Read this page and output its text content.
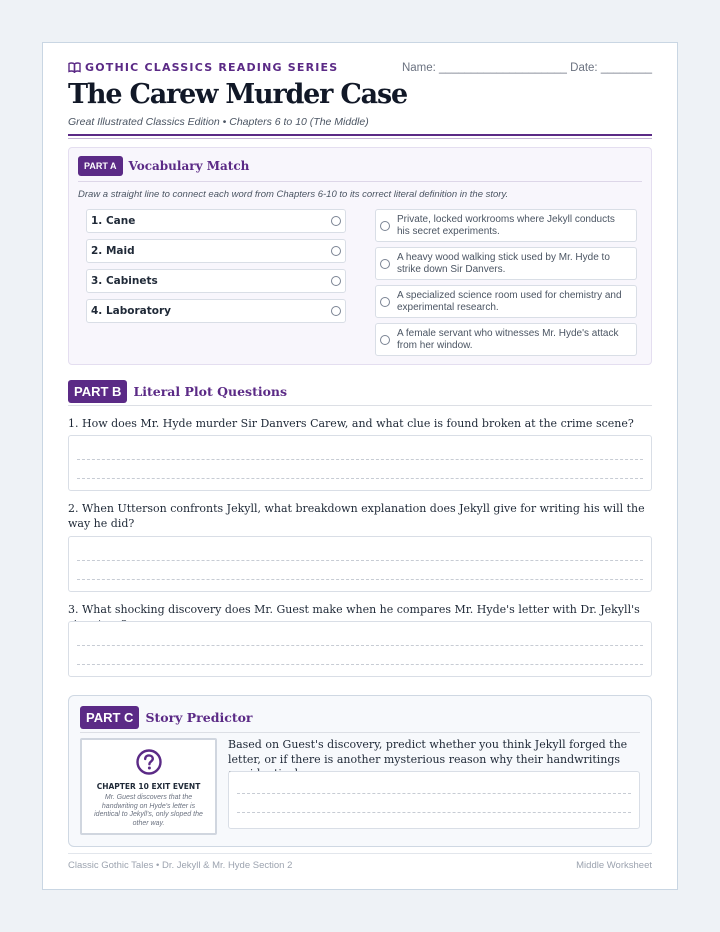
GOTHIC CLASSICS READING SERIES	Name: ____________________ Date: ________
The Carew Murder Case
Great Illustrated Classics Edition • Chapters 6 to 10 (The Middle)
PART A	Vocabulary Match
Draw a straight line to connect each word from Chapters 6-10 to its correct literal definition in the story.
1. Cane
2. Maid
3. Cabinets
4. Laboratory
Private, locked workrooms where Jekyll conducts his secret experiments.
A heavy wood walking stick used by Mr. Hyde to strike down Sir Danvers.
A specialized science room used for chemistry and experimental research.
A female servant who witnesses Mr. Hyde's attack from her window.
PART B Literal Plot Questions
1. How does Mr. Hyde murder Sir Danvers Carew, and what clue is found broken at the crime scene?
2. When Utterson confronts Jekyll, what breakdown explanation does Jekyll give for writing his will the way he did?
3. What shocking discovery does Mr. Guest make when he compares Mr. Hyde's letter with Dr. Jekyll's
PART C Story Predictor
CHAPTER 10 EXIT EVENT
Mr. Guest discovers that the handwriting on Hyde's letter is identical to Jekyll's, only sloped the other way.
Based on Guest's discovery, predict whether you think Jekyll forged the letter, or if there is another mysterious reason why their handwritings
Classic Gothic Tales • Dr. Jekyll & Mr. Hyde Section 2	Middle Worksheet
